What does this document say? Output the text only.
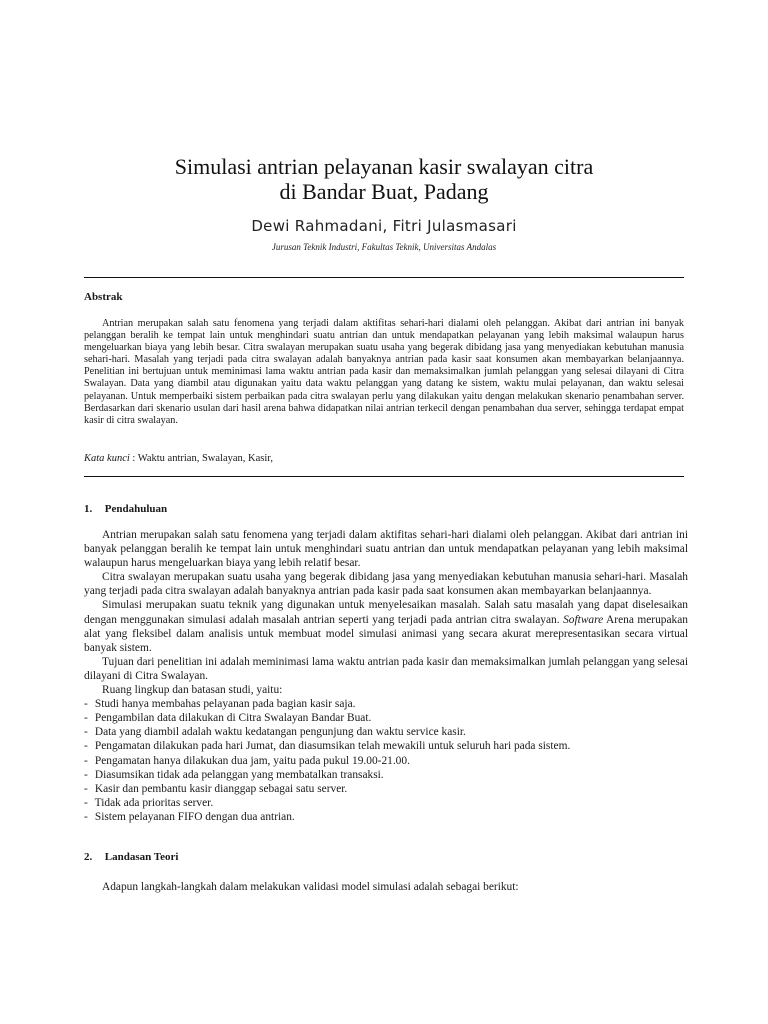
Simulasi antrian pelayanan kasir swalayan citra
di Bandar Buat, Padang
Dewi Rahmadani, Fitri Julasmasari
Jurusan Teknik Industri, Fakultas Teknik, Universitas Andalas
Abstrak

Antrian merupakan salah satu fenomena yang terjadi dalam aktifitas sehari-hari dialami oleh pelanggan. Akibat dari antrian ini banyak pelanggan beralih ke tempat lain untuk menghindari suatu antrian dan untuk mendapatkan pelayanan yang lebih maksimal walaupun harus mengeluarkan biaya yang lebih besar. Citra swalayan merupakan suatu usaha yang begerak dibidang jasa yang menyediakan kebutuhan manusia sehari-hari. Masalah yang terjadi pada citra swalayan adalah banyaknya antrian pada kasir saat konsumen akan membayarkan belanjaannya. Penelitian ini bertujuan untuk meminimasi lama waktu antrian pada kasir dan memaksimalkan jumlah pelanggan yang selesai dilayani di Citra Swalayan. Data yang diambil atau digunakan yaitu data waktu pelanggan yang datang ke sistem, waktu mulai pelayanan, dan waktu selesai pelayanan. Untuk memperbaiki sistem perbaikan pada citra swalayan perlu yang dilakukan yaitu dengan melakukan skenario penambahan server. Berdasarkan dari skenario usulan dari hasil arena bahwa didapatkan nilai antrian terkecil dengan penambahan dua server, sehingga terdapat empat kasir di citra swalayan.

Kata kunci : Waktu antrian, Swalayan, Kasir,
1. Pendahuluan

Antrian merupakan salah satu fenomena yang terjadi dalam aktifitas sehari-hari dialami oleh pelanggan. Akibat dari antrian ini banyak pelanggan beralih ke tempat lain untuk menghindari suatu antrian dan untuk mendapatkan pelayanan yang lebih maksimal walaupun harus mengeluarkan biaya yang lebih relatif besar.

Citra swalayan merupakan suatu usaha yang begerak dibidang jasa yang menyediakan kebutuhan manusia sehari-hari. Masalah yang terjadi pada citra swalayan adalah banyaknya antrian pada kasir pada saat konsumen akan membayarkan belanjaannya.

Simulasi merupakan suatu teknik yang digunakan untuk menyelesaikan masalah. Salah satu masalah yang dapat diselesaikan dengan menggunakan simulasi adalah masalah antrian seperti yang terjadi pada antrian citra swalayan. Software Arena merupakan alat yang fleksibel dalam analisis untuk membuat model simulasi animasi yang secara akurat merepresentasikan secara virtual banyak sistem.

Tujuan dari penelitian ini adalah meminimasi lama waktu antrian pada kasir dan memaksimalkan jumlah pelanggan yang selesai dilayani di Citra Swalayan.

Ruang lingkup dan batasan studi, yaitu:

- Studi hanya membahas pelayanan pada bagian kasir saja.
- Pengambilan data dilakukan di Citra Swalayan Bandar Buat.
- Data yang diambil adalah waktu kedatangan pengunjung dan waktu service kasir.
- Pengamatan dilakukan pada hari Jumat, dan diasumsikan telah mewakili untuk seluruh hari pada sistem.
- Pengamatan hanya dilakukan dua jam, yaitu pada pukul 19.00-21.00.
- Diasumsikan tidak ada pelanggan yang membatalkan transaksi.
- Kasir dan pembantu kasir dianggap sebagai satu server.
- Tidak ada prioritas server.
- Sistem pelayanan FIFO dengan dua antrian.
2. Landasan Teori

Adapun langkah-langkah dalam melakukan validasi model simulasi adalah sebagai berikut:
